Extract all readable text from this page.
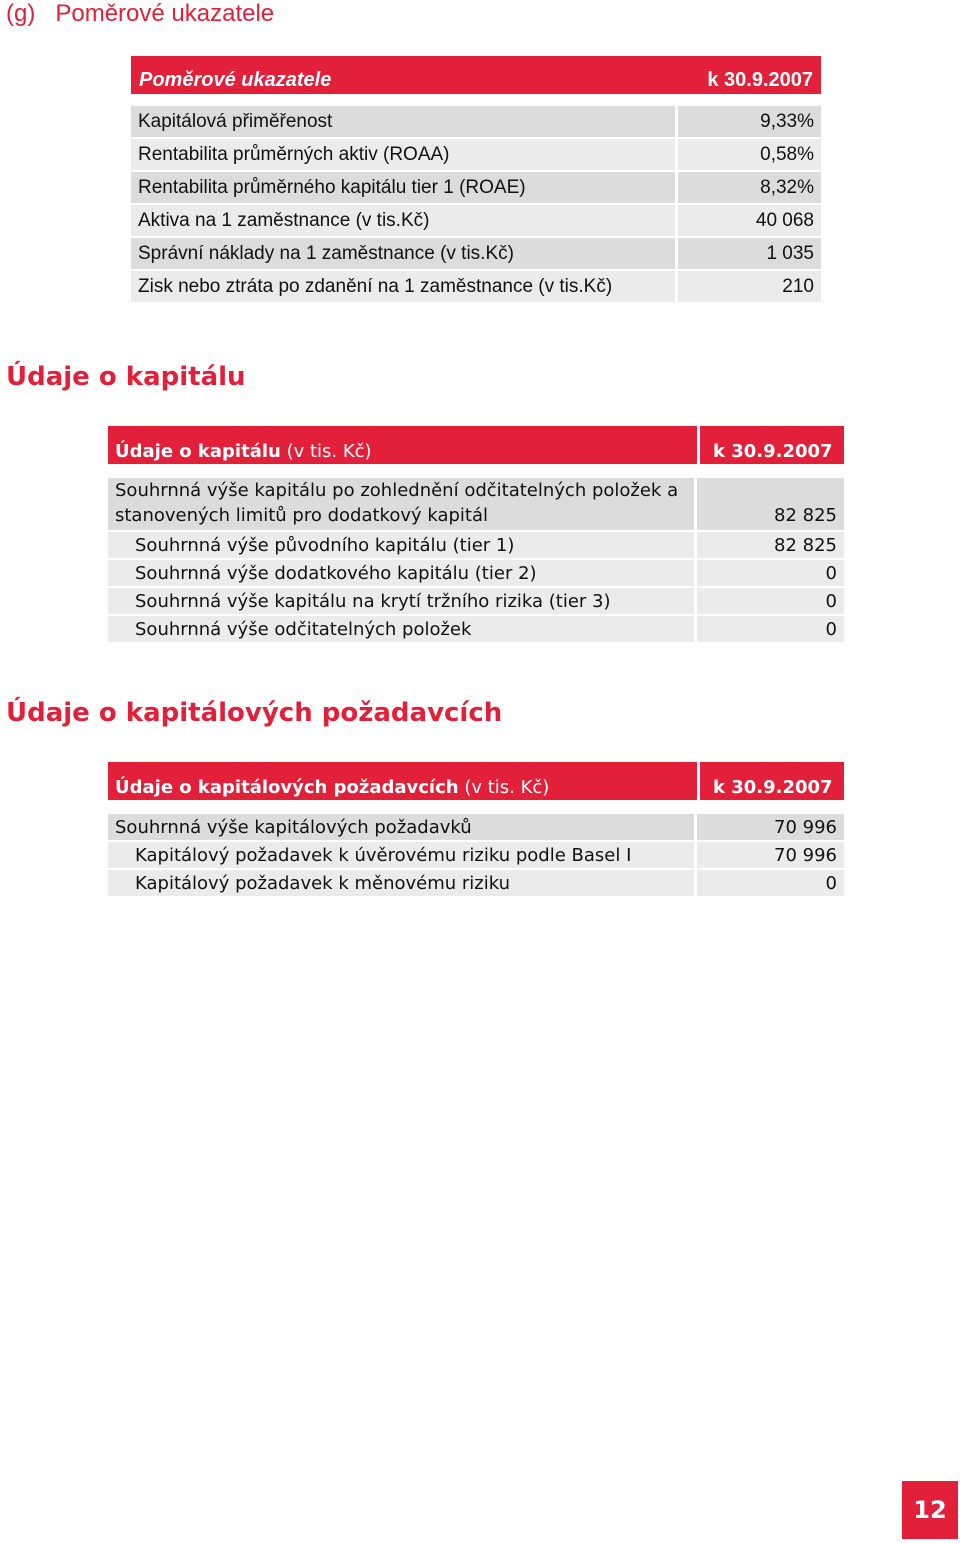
(g) Poměrové ukazatele
Poměrové ukazatele	k 30.9.2007

Kapitálová přiměřenost	9,33%
Rentabilita průměrných aktiv (ROAA)	0,58%
Rentabilita průměrného kapitálu tier 1 (ROAE)	8,32%
Aktiva na 1 zaměstnance (v tis.Kč)	40 068
Správní náklady na 1 zaměstnance (v tis.Kč)	1 035
Zisk nebo ztráta po zdanění na 1 zaměstnance (v tis.Kč)	210
Údaje o kapitálu
Údaje o kapitálu (v tis. Kč)	k 30.9.2007

Souhrnná výše kapitálu po zohlednění odčitatelných položek a
stanovených limitů pro dodatkový kapitál	82 825
Souhrnná výše původního kapitálu (tier 1)	82 825
Souhrnná výše dodatkového kapitálu (tier 2)	0
Souhrnná výše kapitálu na krytí tržního rizika (tier 3)	0
Souhrnná výše odčitatelných položek	0
Údaje o kapitálových požadavcích
Údaje o kapitálových požadavcích (v tis. Kč)	k 30.9.2007

Souhrnná výše kapitálových požadavků	70 996
Kapitálový požadavek k úvěrovému riziku podle Basel I	70 996
Kapitálový požadavek k měnovému riziku	0
12
